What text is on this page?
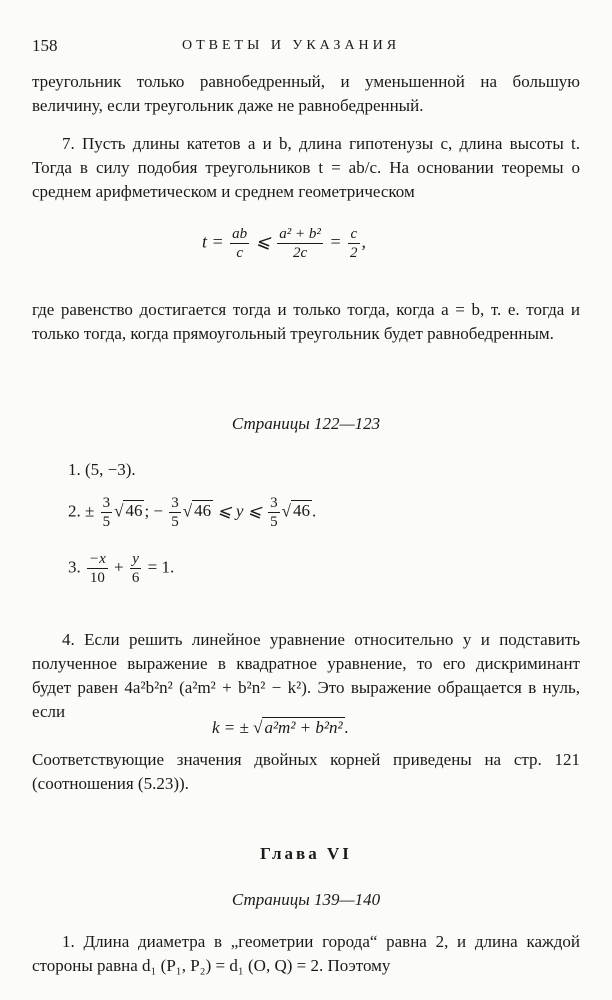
158	ОТВЕТЫ И УКАЗАНИЯ

треугольник только равнобедренный, и уменьшенной на большую величину, если треугольник даже не равнобедренный.

7. Пусть длины катетов a и b, длина гипотенузы c, длина высоты t. Тогда в силу подобия треугольников t = ab/c. На основании теоремы о среднем арифметическом и среднем геометрическом

$t = \frac{ab}{c}$ ⩽ $\frac{\text{a² + b²}}{2c} = \frac{c}{2}$ ,

где равенство достигается тогда и только тогда, когда a = b, т. е. тогда и только тогда, когда прямоугольный треугольник будет равнобедренным.

Страницы 122—123
1. (5, −3).
2. ± $\frac{3}{5}$ √ 46 ; − $\frac{3}{5}$ √ 46 ⩽ y ⩽ $\frac{3}{5}$ √ 46 .
3. $\frac{-x}{10} + \frac{y}{6} = 1$.

4. Если решить линейное уравнение относительно y и подставить полученное выражение в квадратное уравнение, то его дискриминант будет равен 4a²b²n² (a²m² + b²n² − k²). Это выражение обращается в нуль, если

k = ± √ a²m² + b²n² .

Соответствующие значения двойных корней приведены на стр. 121 (соотношения (5.23)).

Глава VI
Страницы 139—140

1. Длина диаметра в „геометрии города“ равна 2, и длина каждой стороны равна d₁ (P₁, P₂) = d₁ (O, Q) = 2. Поэтому
